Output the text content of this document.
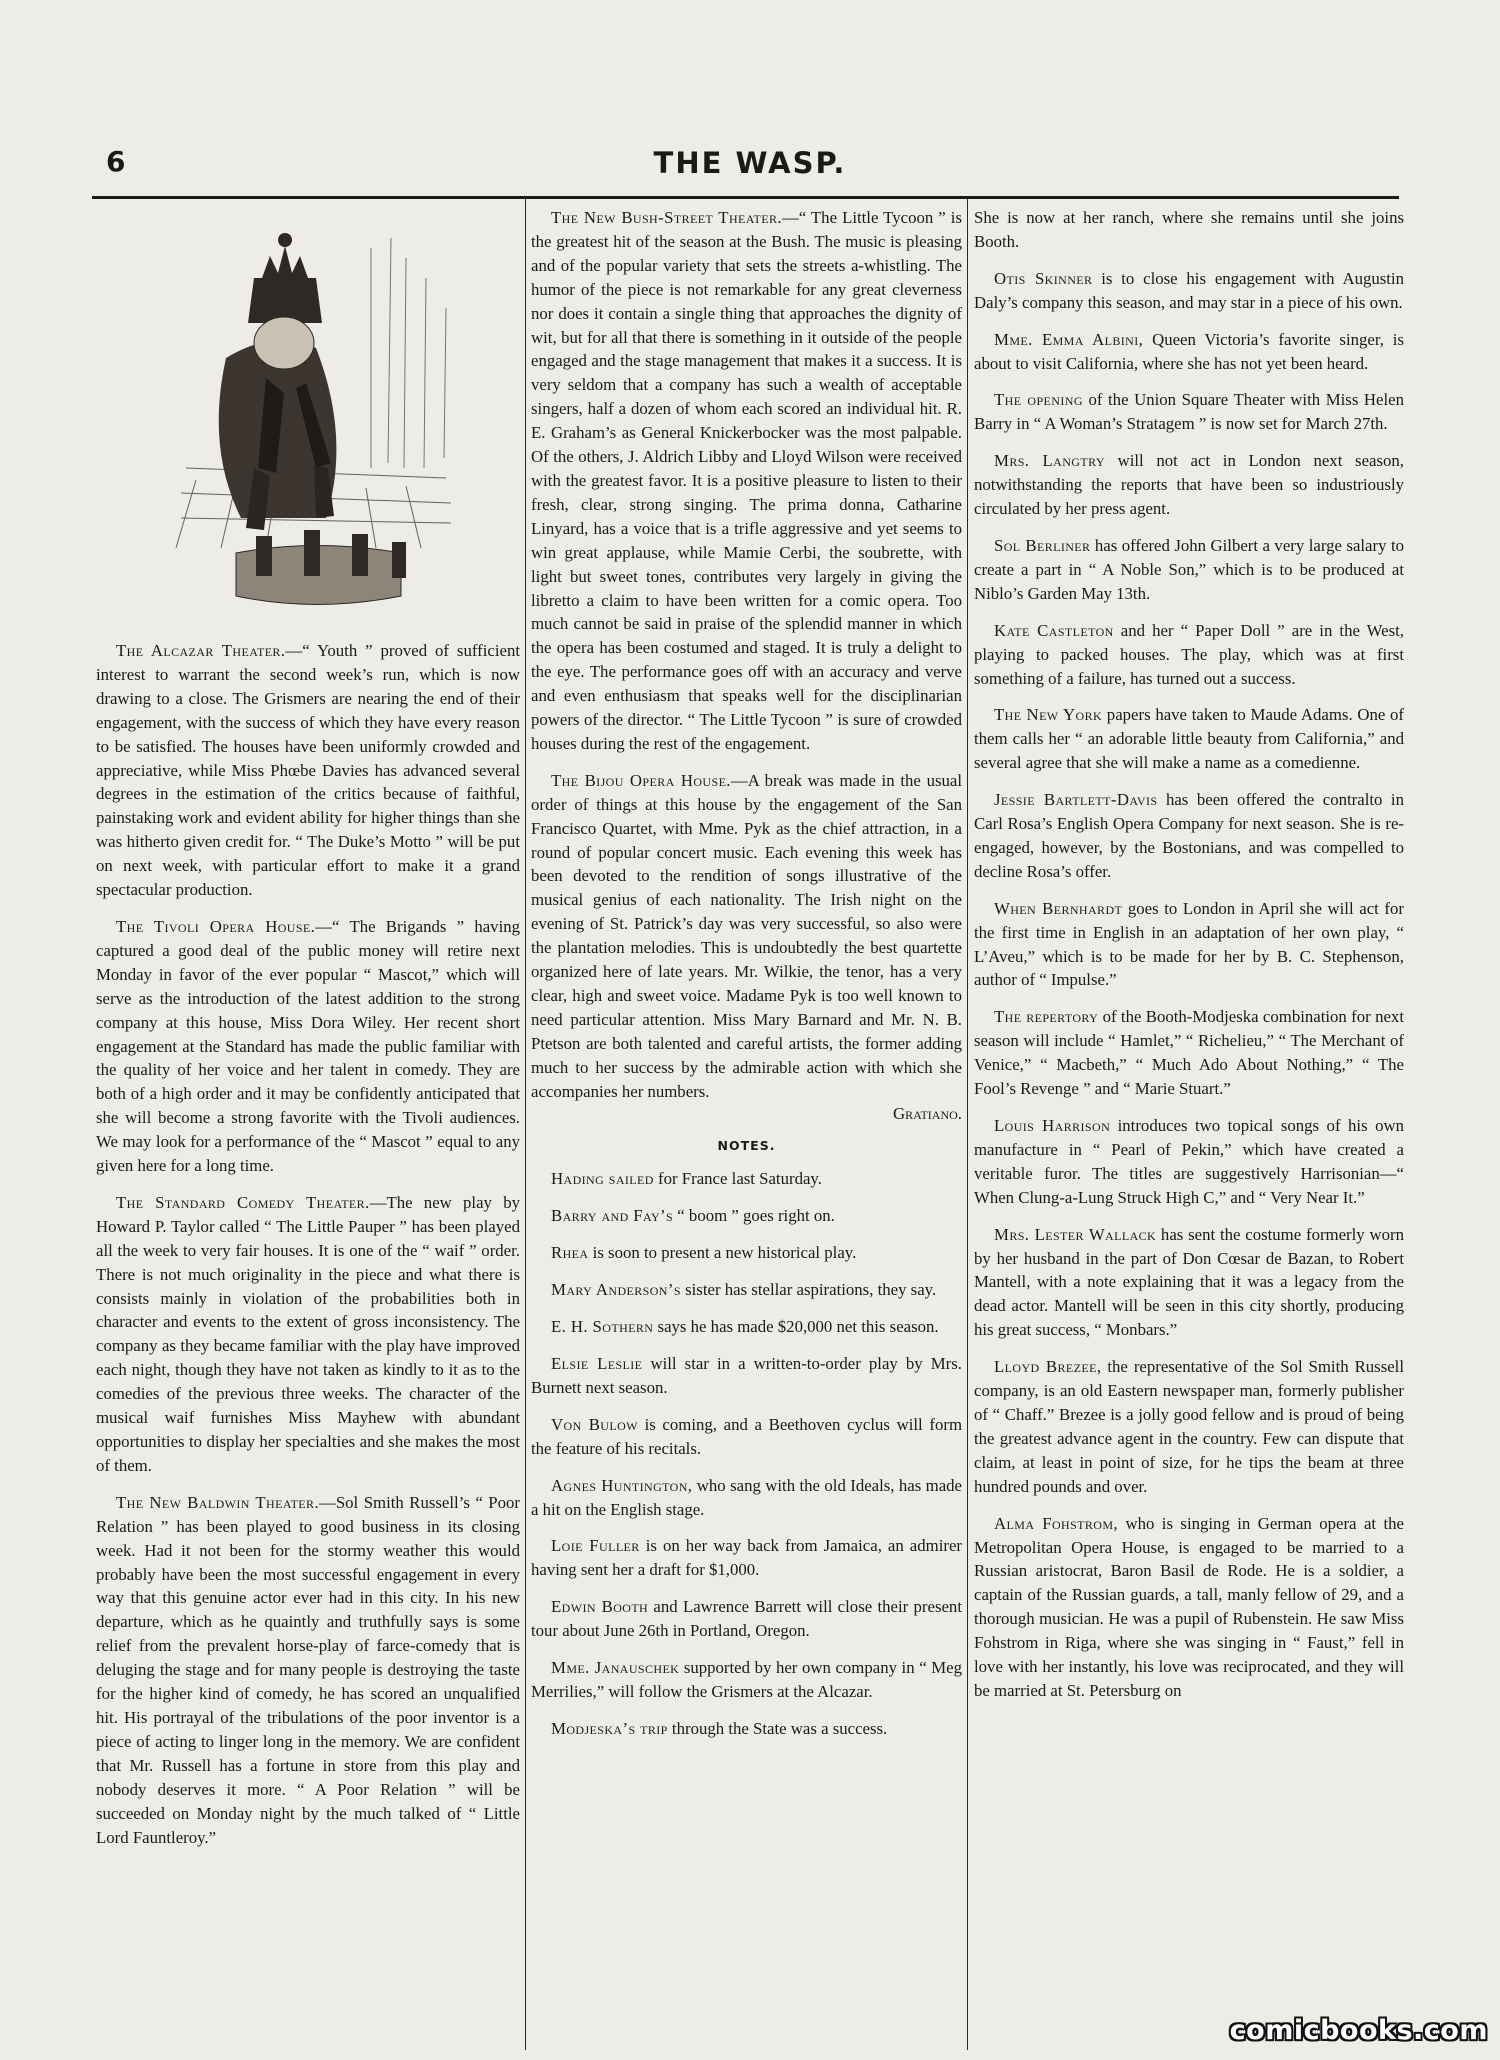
6	THE WASP.

The Alcazar Theater.—“ Youth ” proved of sufficient interest to warrant the second week’s run, which is now drawing to a close. The Grismers are nearing the end of their engagement, with the success of which they have every reason to be satisfied. The houses have been uniformly crowded and appreciative, while Miss Phœbe Davies has advanced several degrees in the estimation of the critics because of faithful, painstaking work and evident ability for higher things than she was hitherto given credit for. “ The Duke’s Motto ” will be put on next week, with particular effort to make it a grand spectacular production.

The Tivoli Opera House.—“ The Brigands ” having captured a good deal of the public money will retire next Monday in favor of the ever popular “ Mascot,” which will serve as the introduction of the latest addition to the strong company at this house, Miss Dora Wiley. Her recent short engagement at the Standard has made the public familiar with the quality of her voice and her talent in comedy. They are both of a high order and it may be confidently anticipated that she will become a strong favorite with the Tivoli audiences. We may look for a performance of the “ Mascot ” equal to any given here for a long time.

The Standard Comedy Theater.—The new play by Howard P. Taylor called “ The Little Pauper ” has been played all the week to very fair houses. It is one of the “ waif ” order. There is not much originality in the piece and what there is consists mainly in violation of the probabilities both in character and events to the extent of gross inconsistency. The company as they became familiar with the play have improved each night, though they have not taken as kindly to it as to the comedies of the previous three weeks. The character of the musical waif furnishes Miss Mayhew with abundant opportunities to display her specialties and she makes the most of them.

The New Baldwin Theater.—Sol Smith Russell’s “ Poor Relation ” has been played to good business in its closing week. Had it not been for the stormy weather this would probably have been the most successful engagement in every way that this genuine actor ever had in this city. In his new departure, which as he quaintly and truthfully says is some relief from the prevalent horse-play of farce-comedy that is deluging the stage and for many people is destroying the taste for the higher kind of comedy, he has scored an unqualified hit. His portrayal of the tribulations of the poor inventor is a piece of acting to linger long in the memory. We are confident that Mr. Russell has a fortune in store from this play and nobody deserves it more. “ A Poor Relation ” will be succeeded on Monday night by the much talked of “ Little Lord Fauntleroy.”

The New Bush-Street Theater.—“ The Little Tycoon ” is the greatest hit of the season at the Bush. The music is pleasing and of the popular variety that sets the streets a-whistling. The humor of the piece is not remarkable for any great cleverness nor does it contain a single thing that approaches the dignity of wit, but for all that there is something in it outside of the people engaged and the stage management that makes it a success. It is very seldom that a company has such a wealth of acceptable singers, half a dozen of whom each scored an individual hit. R. E. Graham’s as General Knickerbocker was the most palpable. Of the others, J. Aldrich Libby and Lloyd Wilson were received with the greatest favor. It is a positive pleasure to listen to their fresh, clear, strong singing. The prima donna, Catharine Linyard, has a voice that is a trifle aggressive and yet seems to win great applause, while Mamie Cerbi, the soubrette, with light but sweet tones, contributes very largely in giving the libretto a claim to have been written for a comic opera. Too much cannot be said in praise of the splendid manner in which the opera has been costumed and staged. It is truly a delight to the eye. The performance goes off with an accuracy and verve and even enthusiasm that speaks well for the disciplinarian powers of the director. “ The Little Tycoon ” is sure of crowded houses during the rest of the engagement.

The Bijou Opera House.—A break was made in the usual order of things at this house by the engagement of the San Francisco Quartet, with Mme. Pyk as the chief attraction, in a round of popular concert music. Each evening this week has been devoted to the rendition of songs illustrative of the musical genius of each nationality. The Irish night on the evening of St. Patrick’s day was very successful, so also were the plantation melodies. This is undoubtedly the best quartette organized here of late years. Mr. Wilkie, the tenor, has a very clear, high and sweet voice. Madame Pyk is too well known to need particular attention. Miss Mary Barnard and Mr. N. B. Ptetson are both talented and careful artists, the former adding much to her success by the admirable action with which she accompanies her numbers.
Gratiano.

NOTES.

Hading sailed for France last Saturday.

Barry and Fay’s “ boom ” goes right on.

Rhea is soon to present a new historical play.

Mary Anderson’s sister has stellar aspirations, they say.

E. H. Sothern says he has made $20,000 net this season.

Elsie Leslie will star in a written-to-order play by Mrs. Burnett next season.

Von Bulow is coming, and a Beethoven cyclus will form the feature of his recitals.

Agnes Huntington, who sang with the old Ideals, has made a hit on the English stage.

Loie Fuller is on her way back from Jamaica, an admirer having sent her a draft for $1,000.

Edwin Booth and Lawrence Barrett will close their present tour about June 26th in Portland, Oregon.

Mme. Janauschek supported by her own company in “ Meg Merrilies,” will follow the Grismers at the Alcazar.

Modjeska’s trip through the State was a success.

She is now at her ranch, where she remains until she joins Booth.

Otis Skinner is to close his engagement with Augustin Daly’s company this season, and may star in a piece of his own.

Mme. Emma Albini, Queen Victoria’s favorite singer, is about to visit California, where she has not yet been heard.

The opening of the Union Square Theater with Miss Helen Barry in “ A Woman’s Stratagem ” is now set for March 27th.

Mrs. Langtry will not act in London next season, notwithstanding the reports that have been so industriously circulated by her press agent.

Sol Berliner has offered John Gilbert a very large salary to create a part in “ A Noble Son,” which is to be produced at Niblo’s Garden May 13th.

Kate Castleton and her “ Paper Doll ” are in the West, playing to packed houses. The play, which was at first something of a failure, has turned out a success.

The New York papers have taken to Maude Adams. One of them calls her “ an adorable little beauty from California,” and several agree that she will make a name as a comedienne.

Jessie Bartlett-Davis has been offered the contralto in Carl Rosa’s English Opera Company for next season. She is re-engaged, however, by the Bostonians, and was compelled to decline Rosa’s offer.

When Bernhardt goes to London in April she will act for the first time in English in an adaptation of her own play, “ L’Aveu,” which is to be made for her by B. C. Stephenson, author of “ Impulse.”

The repertory of the Booth-Modjeska combination for next season will include “ Hamlet,” “ Richelieu,” “ The Merchant of Venice,” “ Macbeth,” “ Much Ado About Nothing,” “ The Fool’s Revenge ” and “ Marie Stuart.”

Louis Harrison introduces two topical songs of his own manufacture in “ Pearl of Pekin,” which have created a veritable furor. The titles are suggestively Harrisonian—“ When Clung-a-Lung Struck High C,” and “ Very Near It.”

Mrs. Lester Wallack has sent the costume formerly worn by her husband in the part of Don Cœsar de Bazan, to Robert Mantell, with a note explaining that it was a legacy from the dead actor. Mantell will be seen in this city shortly, producing his great success, “ Monbars.”

Lloyd Brezee, the representative of the Sol Smith Russell company, is an old Eastern newspaper man, formerly publisher of “ Chaff.” Brezee is a jolly good fellow and is proud of being the greatest advance agent in the country. Few can dispute that claim, at least in point of size, for he tips the beam at three hundred pounds and over.

Alma Fohstrom, who is singing in German opera at the Metropolitan Opera House, is engaged to be married to a Russian aristocrat, Baron Basil de Rode. He is a soldier, a captain of the Russian guards, a tall, manly fellow of 29, and a thorough musician. He was a pupil of Rubenstein. He saw Miss Fohstrom in Riga, where she was singing in “ Faust,” fell in love with her instantly, his love was reciprocated, and they will be married at St. Petersburg on

comicbooks.com
